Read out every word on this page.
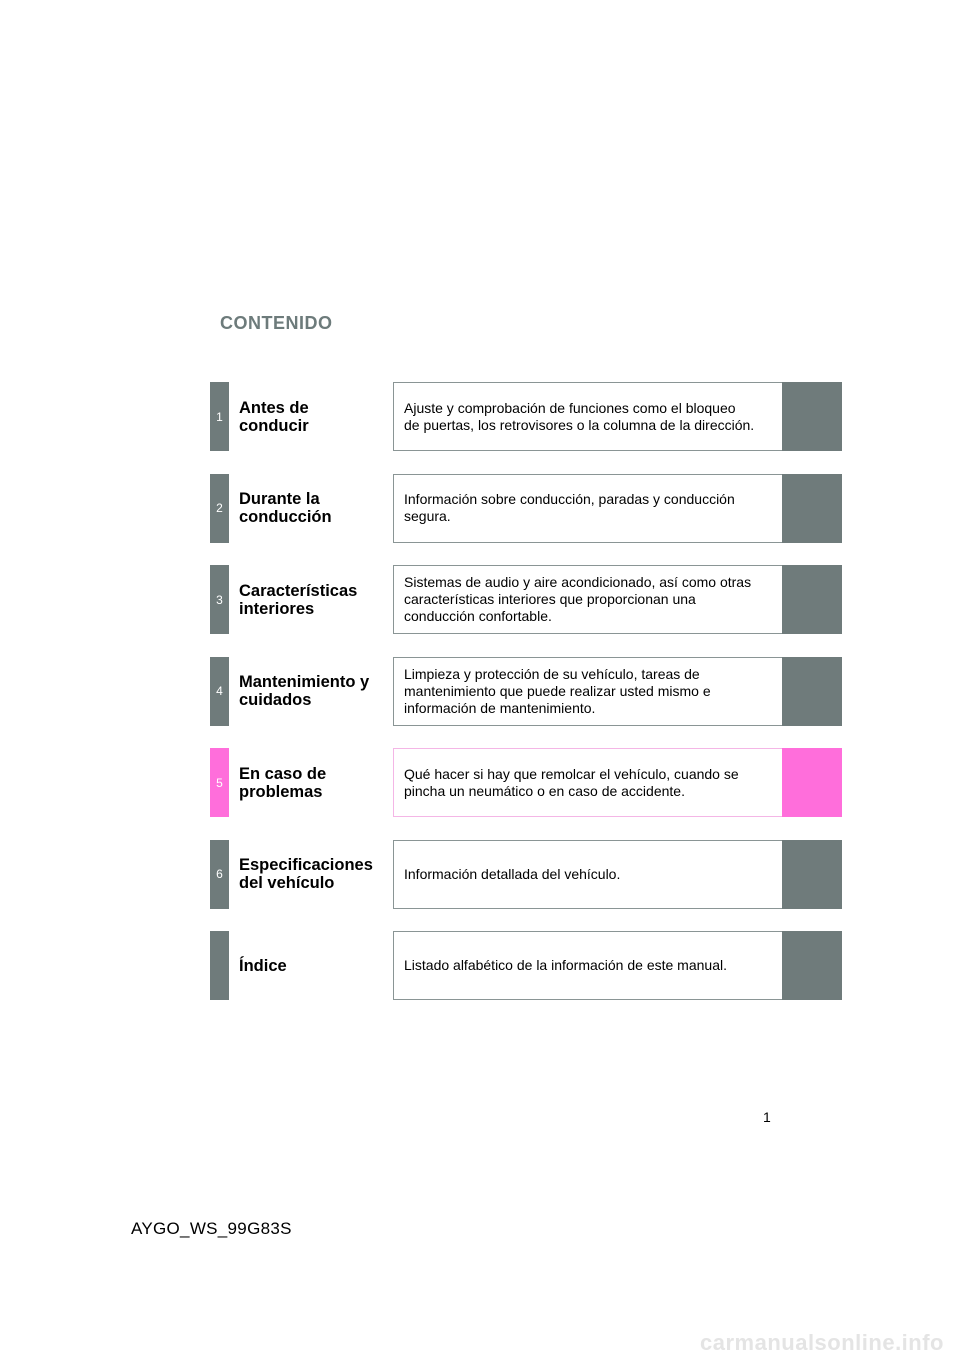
CONTENIDO
1 Antes de
conducir
Ajuste y comprobación de funciones como el bloqueo
de puertas, los retrovisores o la columna de la dirección.
2 Durante la
conducción
Información sobre conducción, paradas y conducción
segura.
3 Características
interiores
Sistemas de audio y aire acondicionado, así como otras
características interiores que proporcionan una
conducción confortable.
4 Mantenimiento y
cuidados
Limpieza y protección de su vehículo, tareas de
mantenimiento que puede realizar usted mismo e
información de mantenimiento.
5 En caso de
problemas
Qué hacer si hay que remolcar el vehículo, cuando se
pincha un neumático o en caso de accidente.
6 Especificaciones
del vehículo
Información detallada del vehículo.
Índice	Listado alfabético de la información de este manual.
1
AYGO_WS_99G83S
carmanualsonline.info
